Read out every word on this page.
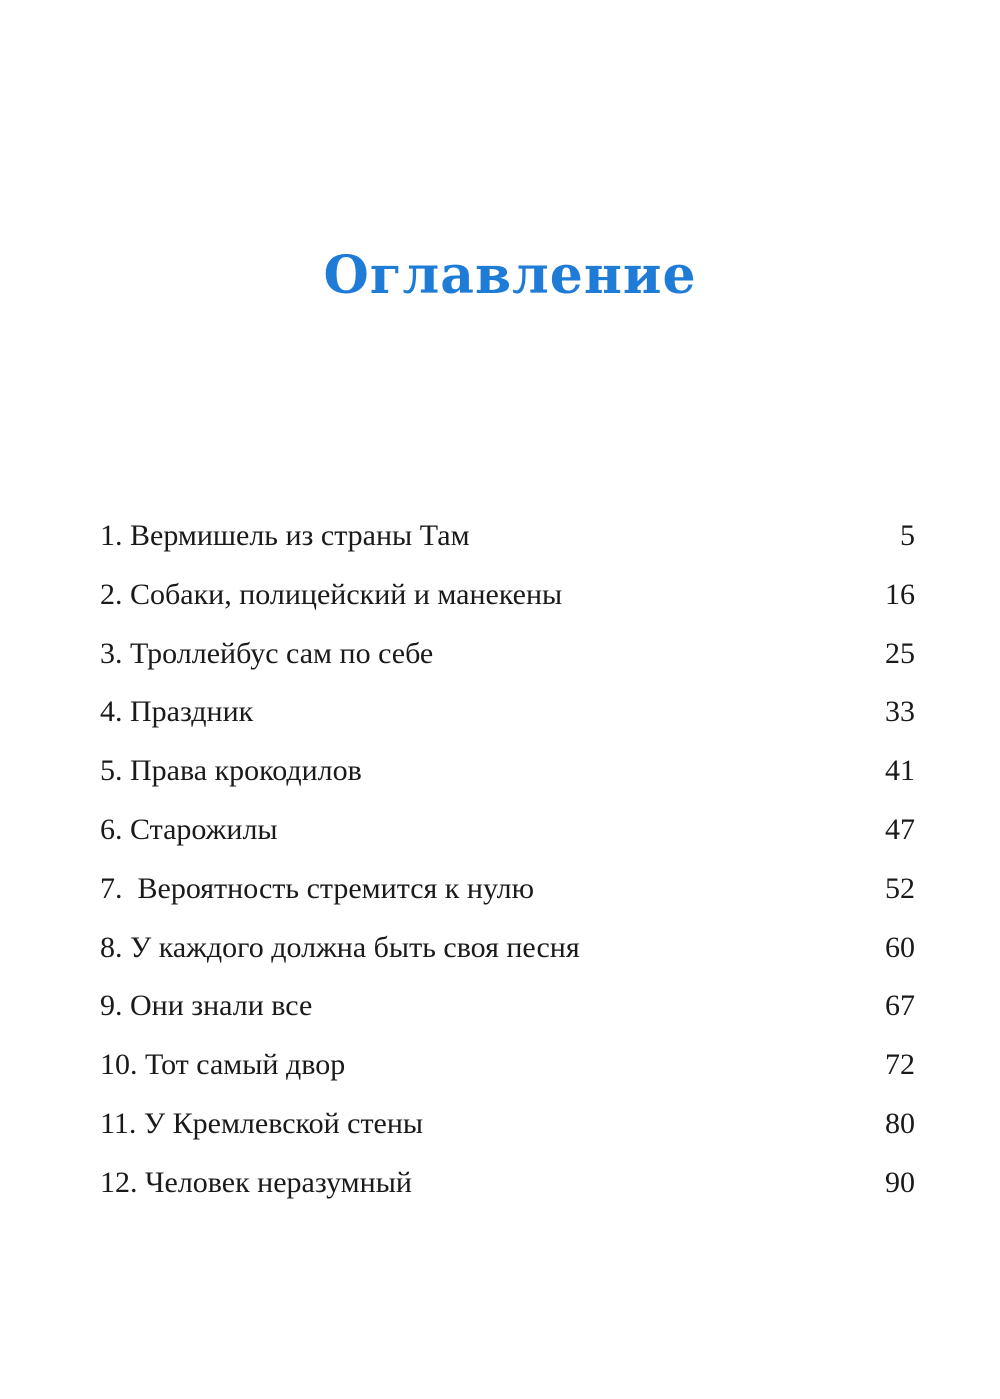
Оглавление
1. Вермишель из страны Там	5
2. Собаки, полицейский и манекены	16
3. Троллейбус сам по себе	25
4. Праздник	33
5. Права крокодилов	41
6. Старожилы	47
7.  Вероятность стремится к нулю	52
8. У каждого должна быть своя песня	60
9. Они знали все	67
10. Тот самый двор	72
11. У Кремлевской стены	80
12. Человек неразумный	90
